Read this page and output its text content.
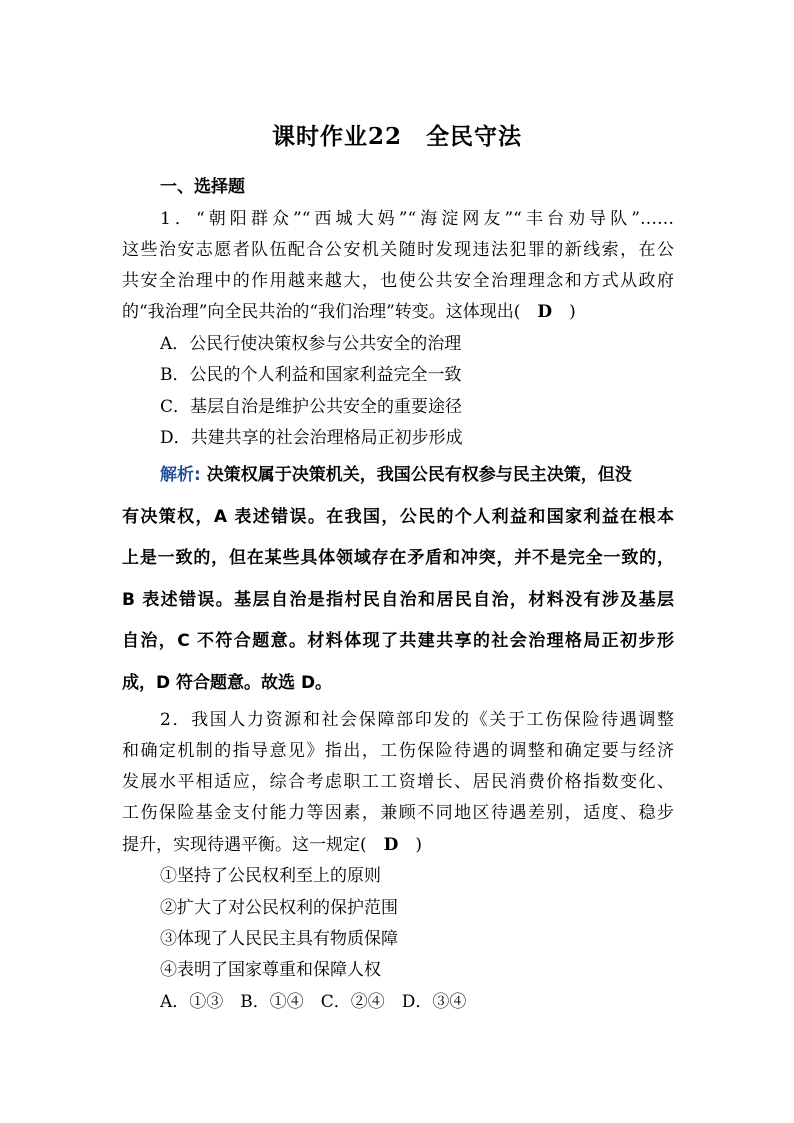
课时作业22　全民守法
一、选择题
1．“朝阳群众”“西城大妈”“海淀网友”“丰台劝导队”……
这些治安志愿者队伍配合公安机关随时发现违法犯罪的新线索，在公
共安全治理中的作用越来越大，也使公共安全治理理念和方式从政府
的“我治理”向全民共治的“我们治理”转变。这体现出(　D　)
A．公民行使决策权参与公共安全的治理
B．公民的个人利益和国家利益完全一致
C．基层自治是维护公共安全的重要途径
D．共建共享的社会治理格局正初步形成
解析: 决策权属于决策机关，我国公民有权参与民主决策，但没
有决策权，A 表述错误。在我国，公民的个人利益和国家利益在根本
上是一致的，但在某些具体领域存在矛盾和冲突，并不是完全一致的，
B 表述错误。基层自治是指村民自治和居民自治，材料没有涉及基层
自治，C 不符合题意。材料体现了共建共享的社会治理格局正初步形
成，D 符合题意。故选 D。
2．我国人力资源和社会保障部印发的《关于工伤保险待遇调整
和确定机制的指导意见》指出，工伤保险待遇的调整和确定要与经济
发展水平相适应，综合考虑职工工资增长、居民消费价格指数变化、
工伤保险基金支付能力等因素，兼顾不同地区待遇差别，适度、稳步
提升，实现待遇平衡。这一规定(　D　)
①坚持了公民权利至上的原则
②扩大了对公民权利的保护范围
③体现了人民民主具有物质保障
④表明了国家尊重和保障人权
A．①③　B．①④　C．②④　D．③④
